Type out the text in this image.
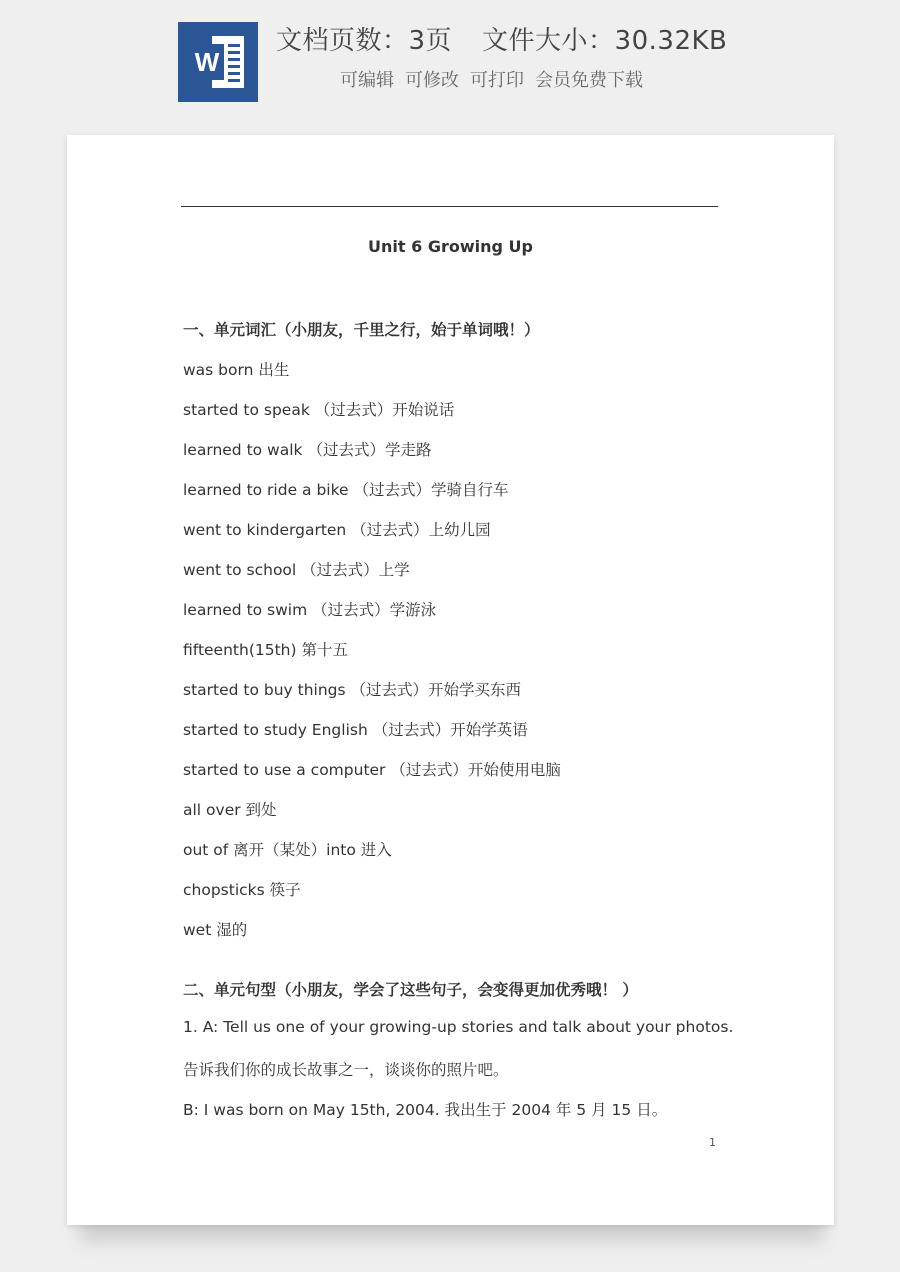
W
文档页数：3页 文件大小：30.32KB
可编辑 可修改 可打印 会员免费下载
Unit 6 Growing Up
一、单元词汇（小朋友，千里之行，始于单词哦！）
was born 出生
started to speak （过去式）开始说话
learned to walk （过去式）学走路
learned to ride a bike （过去式）学骑自行车
went to kindergarten （过去式）上幼儿园
went to school （过去式）上学
learned to swim （过去式）学游泳
fifteenth(15th) 第十五
started to buy things （过去式）开始学买东西
started to study English （过去式）开始学英语
started to use a computer （过去式）开始使用电脑
all over 到处
out of 离开（某处）into 进入
chopsticks 筷子
wet 湿的
二、单元句型（小朋友，学会了这些句子，会变得更加优秀哦！ ）
1. A: Tell us one of your growing-up stories and talk about your photos.
告诉我们你的成长故事之一，谈谈你的照片吧。
B: I was born on May 15th, 2004. 我出生于 2004 年 5 月 15 日。
1
